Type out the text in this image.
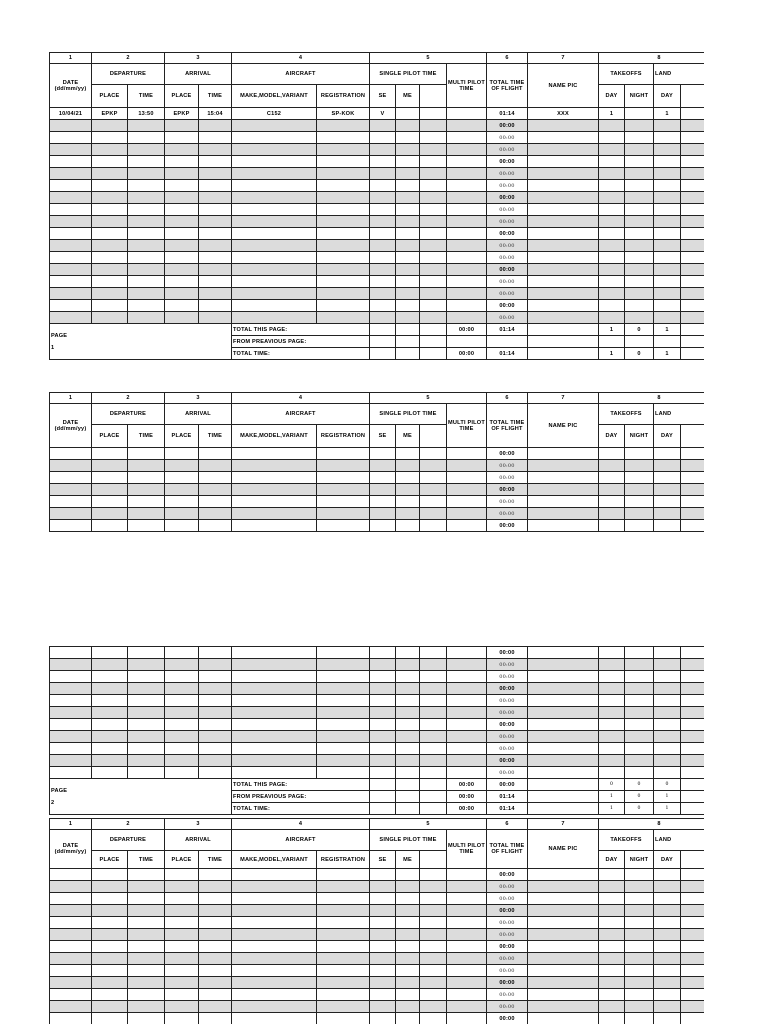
1	2		3		4		5				6	7	8			
DATE
(dd/mm/yy)	DEPARTURE		ARRIVAL		AIRCRAFT		SINGLE PILOT TIME			MULTI PILOT TIME	TOTAL TIME OF FLIGHT	NAME PIC	TAKEOFFS		LAND	
	PLACE	TIME	PLACE	TIME	MAKE,MODEL,VARIANT	REGISTRATION	SE	ME					DAY	NIGHT	DAY	
10/04/21	EPKP	13:50	EPKP	15:04	C152	SP-KOK	V				01:14	XXX	1		1	
											00:00					
											00:00					
											00:00					
											00:00					
											00:00					
											00:00					
											00:00					
											00:00					
											00:00					
											00:00					
											00:00					
											00:00					
											00:00					
											00:00					
											00:00					
											00:00					
											00:00					

PAGE
1					TOTAL THIS PAGE:					00:00	01:14		1	0	1	
					FROM PREAVIOUS PAGE:											
					TOTAL TIME:					00:00	01:14		1	0	1	
1	2		3		4		5				6	7	8			
DATE
(dd/mm/yy)	DEPARTURE		ARRIVAL		AIRCRAFT		SINGLE PILOT TIME			MULTI PILOT TIME	TOTAL TIME OF FLIGHT	NAME PIC	TAKEOFFS		LAND	
	PLACE	TIME	PLACE	TIME	MAKE,MODEL,VARIANT	REGISTRATION	SE	ME					DAY	NIGHT	DAY	
											00:00					
											00:00					
											00:00					
											00:00					
											00:00					
											00:00					
											00:00					
											00:00					
											00:00					
											00:00					
											00:00					
											00:00					
											00:00					
											00:00					
											00:00					
											00:00					
											00:00					
											00:00					

PAGE
2					TOTAL THIS PAGE:					00:00	00:00		0	0	0	
					FROM PREAVIOUS PAGE:					00:00	01:14		1	0	1	
					TOTAL TIME:					00:00	01:14		1	0	1	
1	2		3		4		5				6	7	8			
DATE
(dd/mm/yy)	DEPARTURE		ARRIVAL		AIRCRAFT		SINGLE PILOT TIME			MULTI PILOT TIME	TOTAL TIME OF FLIGHT	NAME PIC	TAKEOFFS		LAND	
	PLACE	TIME	PLACE	TIME	MAKE,MODEL,VARIANT	REGISTRATION	SE	ME					DAY	NIGHT	DAY	
											00:00					
											00:00					
											00:00					
											00:00					
											00:00					
											00:00					
											00:00					
											00:00					
											00:00					
											00:00					
											00:00					
											00:00					
											00:00					
